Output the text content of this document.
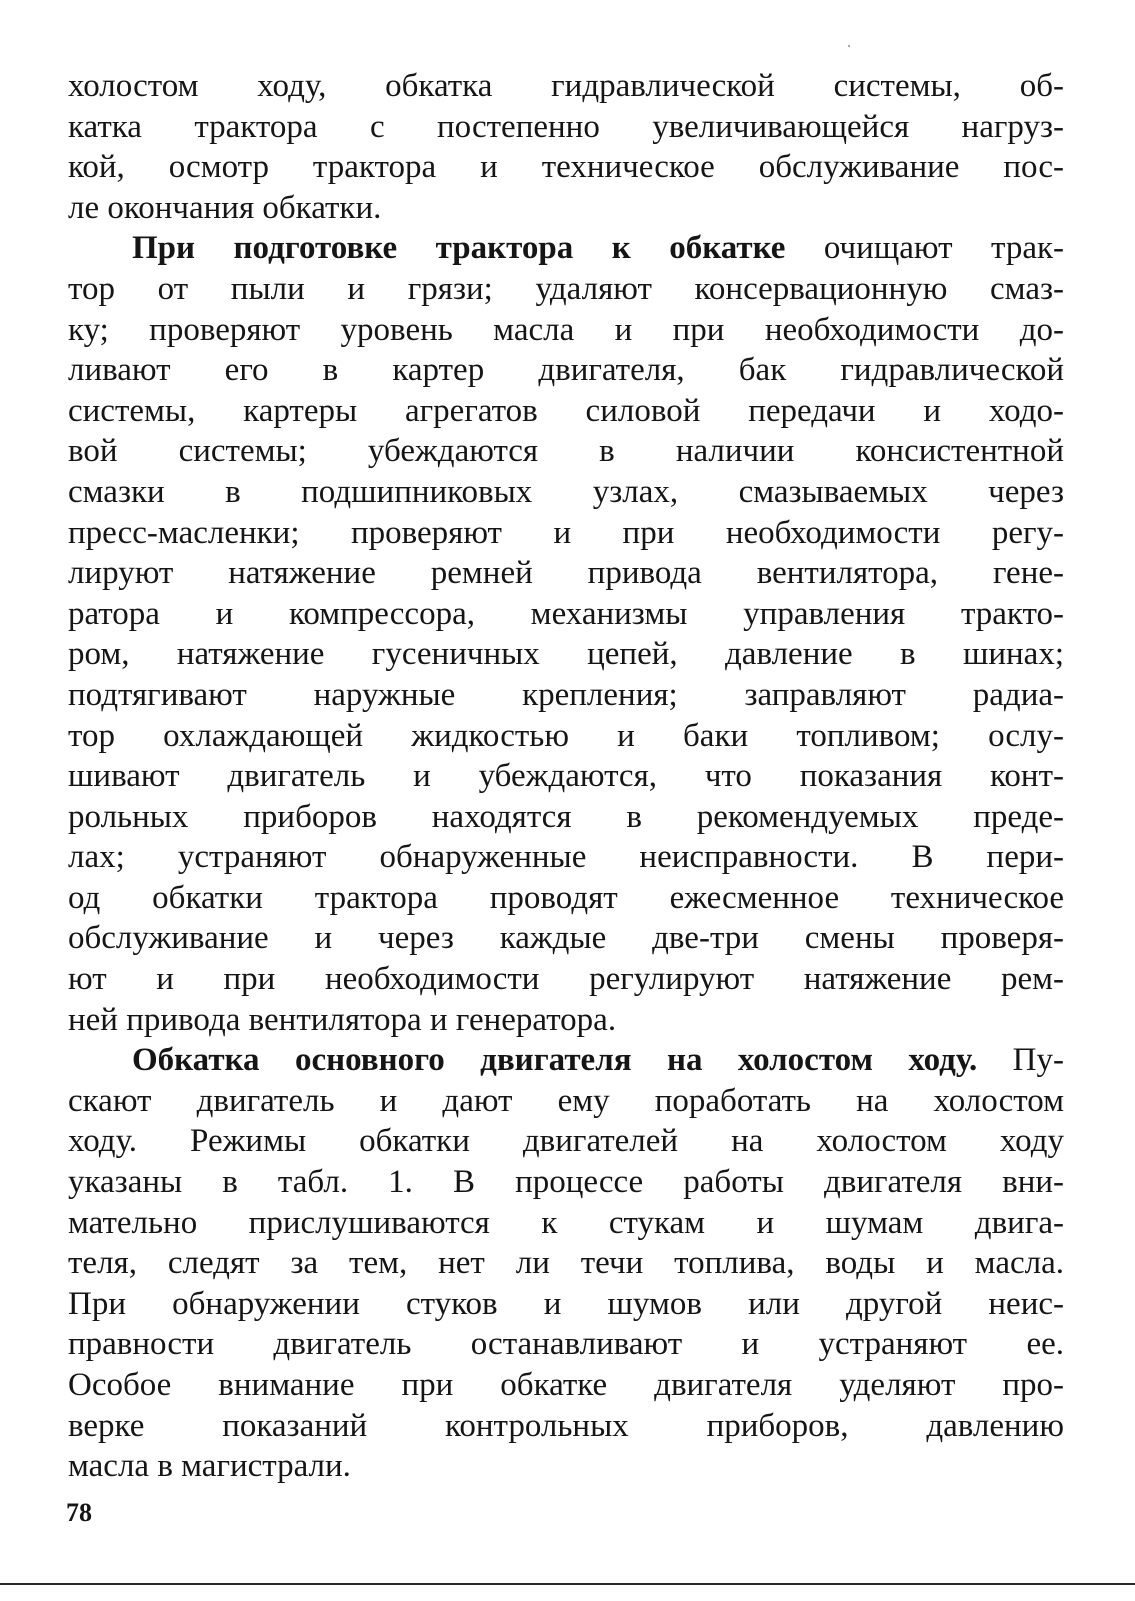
холостом ходу, обкатка гидравлической системы, об-
катка трактора с постепенно увеличивающейся нагруз-
кой, осмотр трактора и техническое обслуживание пос-
ле окончания обкатки.
При подготовке трактора к обкатке очищают трак-
тор от пыли и грязи; удаляют консервационную смаз-
ку; проверяют уровень масла и при необходимости до-
ливают его в картер двигателя, бак гидравлической
системы, картеры агрегатов силовой передачи и ходо-
вой системы; убеждаются в наличии консистентной
смазки в подшипниковых узлах, смазываемых через
пресс-масленки; проверяют и при необходимости регу-
лируют натяжение ремней привода вентилятора, гене-
ратора и компрессора, механизмы управления тракто-
ром, натяжение гусеничных цепей, давление в шинах;
подтягивают наружные крепления; заправляют радиа-
тор охлаждающей жидкостью и баки топливом; ослу-
шивают двигатель и убеждаются, что показания конт-
рольных приборов находятся в рекомендуемых преде-
лах; устраняют обнаруженные неисправности. В пери-
од обкатки трактора проводят ежесменное техническое
обслуживание и через каждые две-три смены проверя-
ют и при необходимости регулируют натяжение рем-
ней привода вентилятора и генератора.
Обкатка основного двигателя на холостом ходу. Пу-
скают двигатель и дают ему поработать на холостом
ходу. Режимы обкатки двигателей на холостом ходу
указаны в табл. 1. В процессе работы двигателя вни-
мательно прислушиваются к стукам и шумам двига-
теля, следят за тем, нет ли течи топлива, воды и масла.
При обнаружении стуков и шумов или другой неис-
правности двигатель останавливают и устраняют ее.
Особое внимание при обкатке двигателя уделяют про-
верке показаний контрольных приборов, давлению
масла в магистрали.
78
